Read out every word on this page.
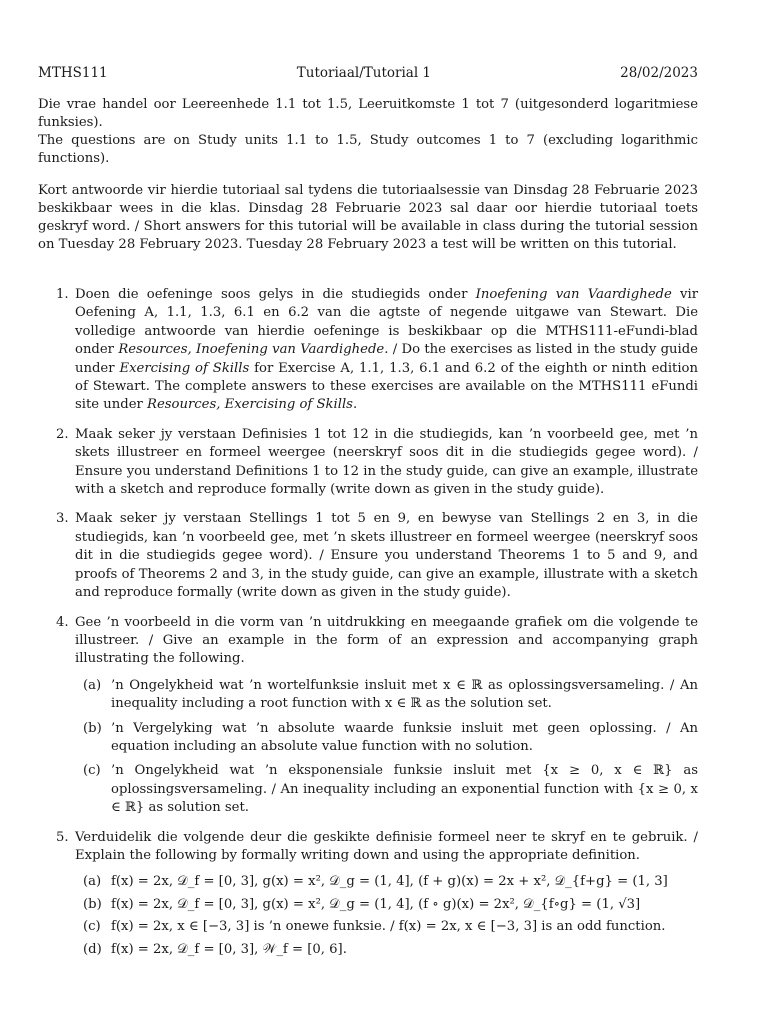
MTHS111	Tutoriaal/Tutorial 1	28/02/2023

Die vrae handel oor Leereenhede 1.1 tot 1.5, Leeruitkomste 1 tot 7 (uitgesonderd logaritmiese funksies).

The questions are on Study units 1.1 to 1.5, Study outcomes 1 to 7 (excluding logarithmic functions).

Kort antwoorde vir hierdie tutoriaal sal tydens die tutoriaalsessie van Dinsdag 28 Februarie 2023 beskikbaar wees in die klas. Dinsdag 28 Februarie 2023 sal daar oor hierdie tutoriaal toets geskryf word. / Short answers for this tutorial will be available in class during the tutorial session on Tuesday 28 February 2023. Tuesday 28 February 2023 a test will be written on this tutorial.

1. Doen die oefeninge soos gelys in die studiegids onder Inoefening van Vaardighede vir Oefening A, 1.1, 1.3, 6.1 en 6.2 van die agtste of negende uitgawe van Stewart. Die volledige antwoorde van hierdie oefeninge is beskikbaar op die MTHS111-eFundi-blad onder Resources, Inoefening van Vaardighede. / Do the exercises as listed in the study guide under Exercising of Skills for Exercise A, 1.1, 1.3, 6.1 and 6.2 of the eighth or ninth edition of Stewart. The complete answers to these exercises are available on the MTHS111 eFundi site under Resources, Exercising of Skills.
2. Maak seker jy verstaan Definisies 1 tot 12 in die studiegids, kan ’n voorbeeld gee, met ’n skets illustreer en formeel weergee (neerskryf soos dit in die studiegids gegee word). / Ensure you understand Definitions 1 to 12 in the study guide, can give an example, illustrate with a sketch and reproduce formally (write down as given in the study guide).
3. Maak seker jy verstaan Stellings 1 tot 5 en 9, en bewyse van Stellings 2 en 3, in die studiegids, kan ’n voorbeeld gee, met ’n skets illustreer en formeel weergee (neerskryf soos dit in die studiegids gegee word). / Ensure you understand Theorems 1 to 5 and 9, and proofs of Theorems 2 and 3, in the study guide, can give an example, illustrate with a sketch and reproduce formally (write down as given in the study guide).
4. Gee ’n voorbeeld in die vorm van ’n uitdrukking en meegaande grafiek om die volgende te illustreer. / Give an example in the form of an expression and accompanying graph illustrating the following.
(a) ’n Ongelykheid wat ’n wortelfunksie insluit met x ∈ ℝ as oplossingsversameling. / An inequality including a root function with x ∈ ℝ as the solution set.
(b) ’n Vergelyking wat ’n absolute waarde funksie insluit met geen oplossing. / An equation including an absolute value function with no solution.
(c) ’n Ongelykheid wat ’n eksponensiale funksie insluit met {x ≥ 0, x ∈ ℝ} as oplossingsversameling. / An inequality including an exponential function with {x ≥ 0, x ∈ ℝ} as solution set.
5. Verduidelik die volgende deur die geskikte definisie formeel neer te skryf en te gebruik. / Explain the following by formally writing down and using the appropriate definition.
(a) f(x) = 2x, 𝒟_f = [0, 3], g(x) = x², 𝒟_g = (1, 4], (f + g)(x) = 2x + x², 𝒟_{f+g} = (1, 3]
(b) f(x) = 2x, 𝒟_f = [0, 3], g(x) = x², 𝒟_g = (1, 4], (f ∘ g)(x) = 2x², 𝒟_{f∘g} = (1, √3]
(c) f(x) = 2x, x ∈ [−3, 3] is ’n onewe funksie. / f(x) = 2x, x ∈ [−3, 3] is an odd function.
(d) f(x) = 2x, 𝒟_f = [0, 3], 𝒲_f = [0, 6].
